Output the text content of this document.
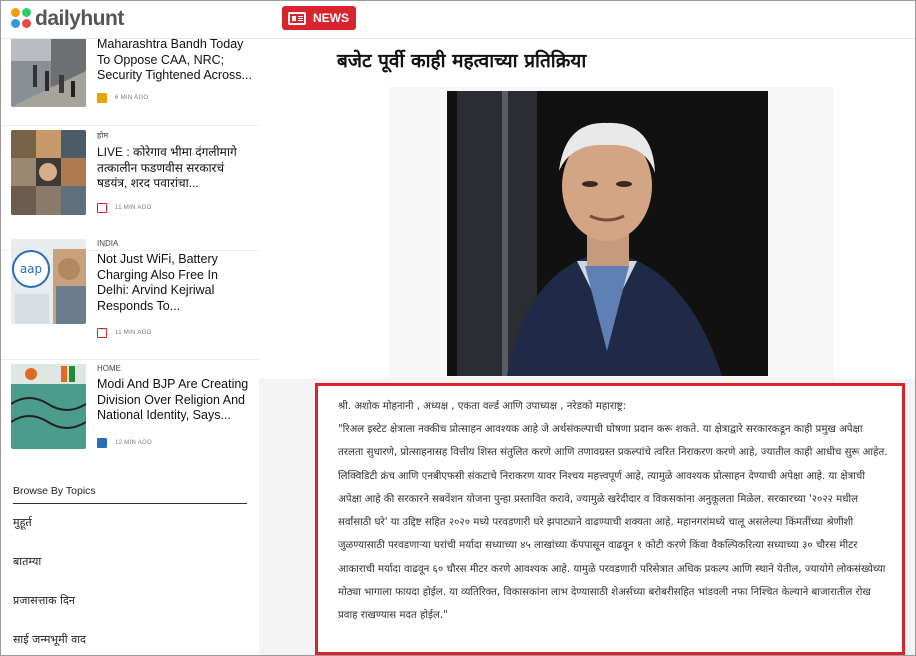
dailyhunt	NEWS
Maharashtra Bandh Today To Oppose CAA, NRC; Security Tightened Across...
6 MIN AGO
होम
LIVE : कोरेगाव भीमा दंगलीमागे तत्कालीन फडणवीस सरकारचं षडयंत्र, शरद पवारांचा...
11 MIN AGO
aap
INDIA
Not Just WiFi, Battery Charging Also Free In Delhi: Arvind Kejriwal Responds To...
11 MIN AGO
HOME
Modi And BJP Are Creating Division Over Religion And National Identity, Says...
12 MIN AGO
Browse By Topics
मुहूर्त
बातम्या
प्रजासत्ताक दिन
साई जन्मभूमी वाद
बजेट पूर्वी काही महत्वाच्या प्रतिक्रिया
श्री. अशोक मोहनानी , अध्यक्ष , एकता वर्ल्ड आणि उपाध्यक्ष , नरेडको महाराष्ट्र:
"रिअल इस्टेट क्षेत्राला नक्कीच प्रोत्साहन आवश्यक आहे जे अर्थसंकल्पाची घोषणा प्रदान करू शकते. या क्षेत्राद्वारे सरकारकडून काही प्रमुख अपेक्षा तरलता सुधारणे, प्रोत्साहनासह वित्तीय शिस्त संतुलित करणे आणि तणावग्रस्त प्रकल्पांचे त्वरित निराकरण करणे आहे, ज्यातील काही आधीच सुरू आहेत. लिक्विडिटी क्रंच आणि एनबीएफसी संकटाचे निराकरण यावर निश्चय महत्त्वपूर्ण आहे, त्यामुळे आवश्यक प्रोत्साहन देण्याची अपेक्षा आहे. या क्षेत्राची अपेक्षा आहे की सरकारने सबवेंशन योजना पुन्हा प्रस्तावित करावे, ज्यामुळे खरेदीदार व विकसकांना अनुकूलता मिळेल. सरकारच्या '२०२२ मधील सर्वांसाठी घरे' या उद्दिष्ट सहित २०२० मध्ये परवडणारी घरे झपाट्याने वाढण्याची शक्यता आहे. महानगरांमध्ये चालू असलेल्या किंमतींच्या श्रेणीशी जुळण्यासाठी परवडणाऱ्या घरांची मर्यादा सध्याच्या ४५ लाखांच्या कॅपपासून वाढवून १ कोटी करणे किंवा वैकल्पिकरित्या सध्याच्या ३० चौरस मीटर आकाराची मर्यादा वाढवून ६० चौरस मीटर करणे आवश्यक आहे. यामुळे परवडणारी परिसेत्रात अधिक प्रकल्प आणि स्थाने येतील, ज्यायोगे लोकसंख्येच्या मोठ्या भागाला फायदा होईल. या व्यतिरिक्त, विकासकांना लाभ देण्यासाठी शेअर्सच्या बरोबरीसहित भांडवली नफा निश्चित केल्याने बाजारातील रोख प्रवाह राखण्यास मदत होईल."
